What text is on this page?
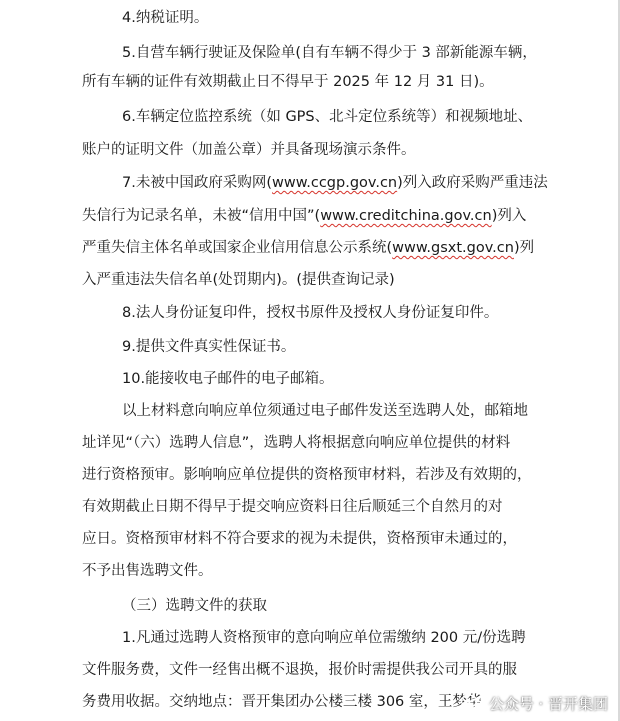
4.纳税证明。
5.自营车辆行驶证及保险单(自有车辆不得少于 3 部新能源车辆，
所有车辆的证件有效期截止日不得早于 2025 年 12 月 31 日)。
6.车辆定位监控系统（如 GPS、北斗定位系统等）和视频地址、
账户的证明文件（加盖公章）并具备现场演示条件。
7.未被中国政府采购网(www.ccgp.gov.cn)列入政府采购严重违法
失信行为记录名单，未被“信用中国”(www.creditchina.gov.cn)列入
严重失信主体名单或国家企业信用信息公示系统(www.gsxt.gov.cn)列
入严重违法失信名单(处罚期内)。(提供查询记录)
8.法人身份证复印件，授权书原件及授权人身份证复印件。
9.提供文件真实性保证书。
10.能接收电子邮件的电子邮箱。
以上材料意向响应单位须通过电子邮件发送至选聘人处，邮箱地
址详见“（六）选聘人信息”，选聘人将根据意向响应单位提供的材料
进行资格预审。影响响应单位提供的资格预审材料，若涉及有效期的，
有效期截止日期不得早于提交响应资料日往后顺延三个自然月的对
应日。资格预审材料不符合要求的视为未提供，资格预审未通过的，
不予出售选聘文件。
（三）选聘文件的获取
1.凡通过选聘人资格预审的意向响应单位需缴纳 200 元/份选聘
文件服务费，文件一经售出概不退换，报价时需提供我公司开具的服
务费用收据。交纳地点：晋开集团办公楼三楼 306 室，王梦华 公众号 · 晋开集团
